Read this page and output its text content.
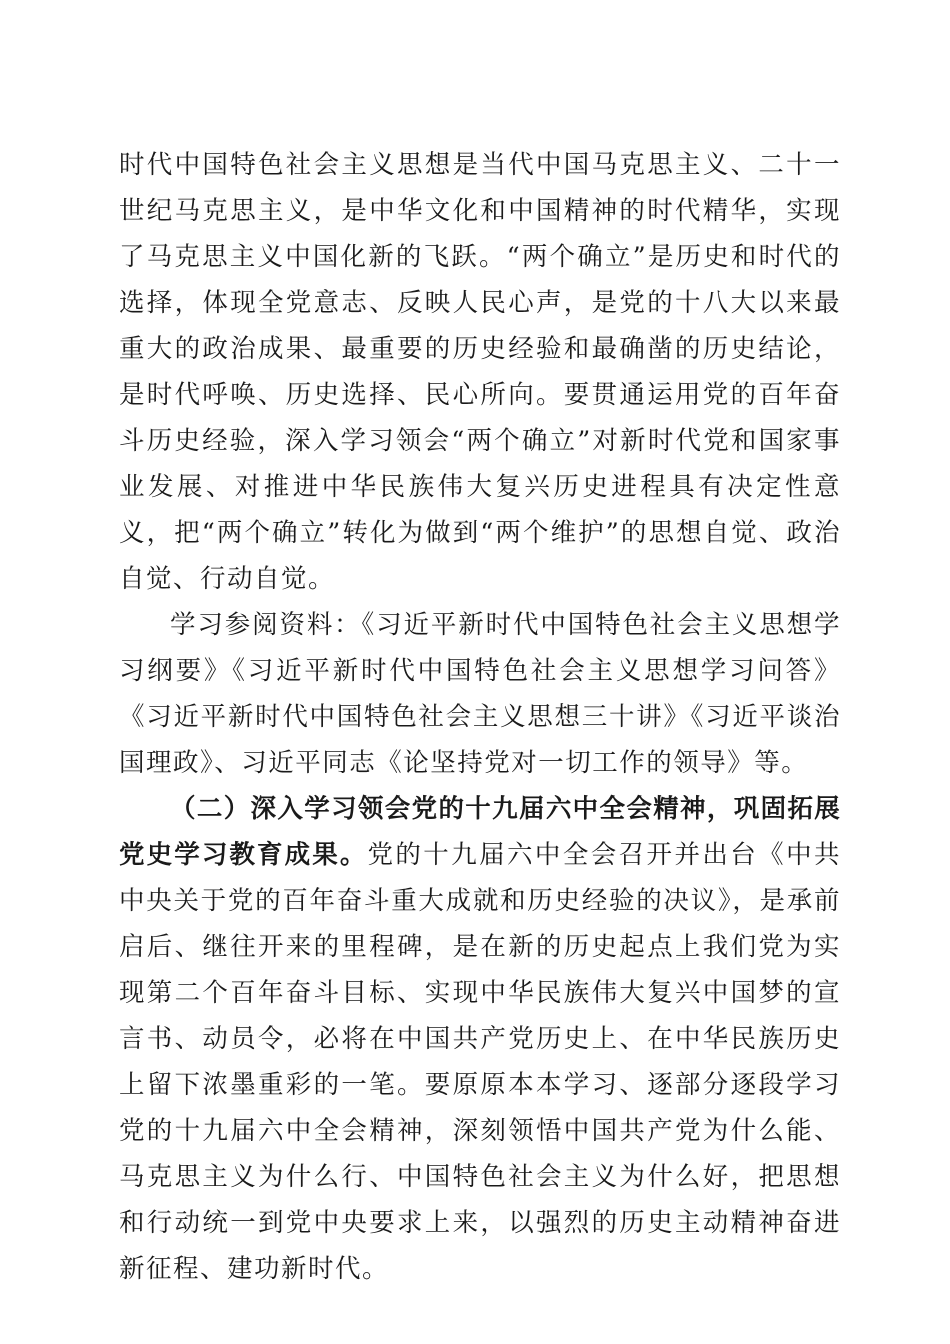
时代中国特色社会主义思想是当代中国马克思主义、二十一世纪马克思主义，是中华文化和中国精神的时代精华，实现了马克思主义中国化新的飞跃。“两个确立”是历史和时代的选择，体现全党意志、反映人民心声，是党的十八大以来最重大的政治成果、最重要的历史经验和最确凿的历史结论，是时代呼唤、历史选择、民心所向。要贯通运用党的百年奋斗历史经验，深入学习领会“两个确立”对新时代党和国家事业发展、对推进中华民族伟大复兴历史进程具有决定性意义，把“两个确立”转化为做到“两个维护”的思想自觉、政治自觉、行动自觉。

学习参阅资料：《习近平新时代中国特色社会主义思想学习纲要》《习近平新时代中国特色社会主义思想学习问答》《习近平新时代中国特色社会主义思想三十讲》《习近平谈治国理政》、习近平同志《论坚持党对一切工作的领导》等。

（二）深入学习领会党的十九届六中全会精神，巩固拓展党史学习教育成果。党的十九届六中全会召开并出台《中共中央关于党的百年奋斗重大成就和历史经验的决议》，是承前启后、继往开来的里程碑，是在新的历史起点上我们党为实现第二个百年奋斗目标、实现中华民族伟大复兴中国梦的宣言书、动员令，必将在中国共产党历史上、在中华民族历史上留下浓墨重彩的一笔。要原原本本学习、逐部分逐段学习党的十九届六中全会精神，深刻领悟中国共产党为什么能、马克思主义为什么行、中国特色社会主义为什么好，把思想和行动统一到党中央要求上来，以强烈的历史主动精神奋进新征程、建功新时代。
